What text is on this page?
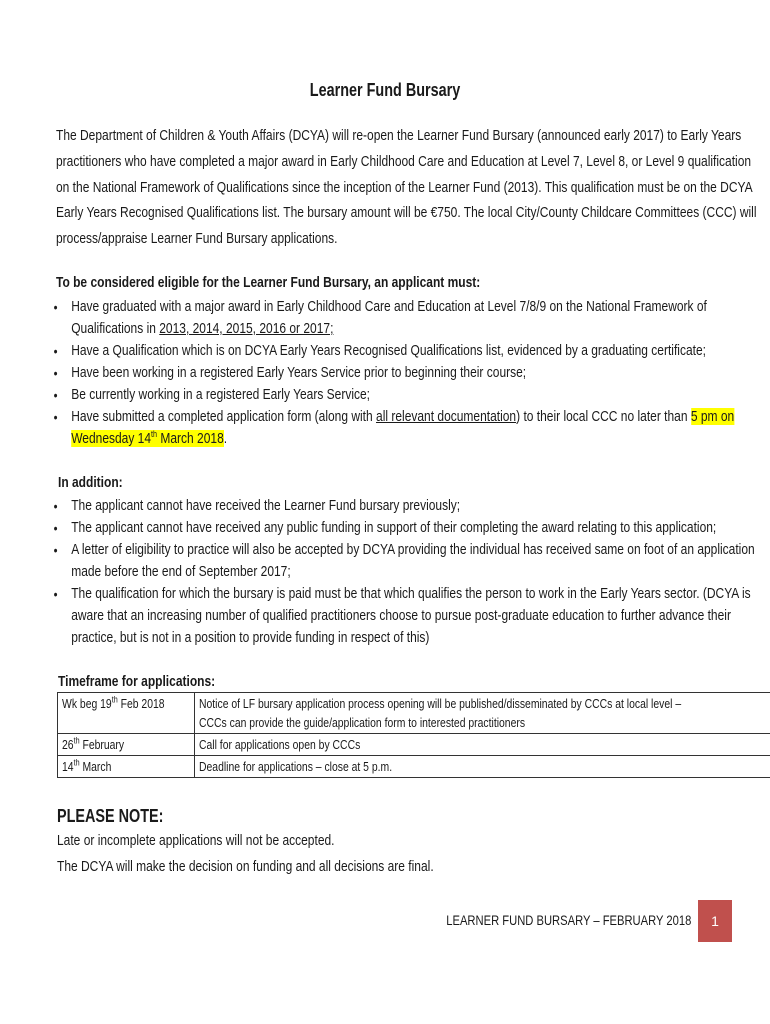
Learner Fund Bursary

The Department of Children & Youth Affairs (DCYA) will re-open the Learner Fund Bursary (announced early 2017) to Early Years

practitioners who have completed a major award in Early Childhood Care and Education at Level 7, Level 8, or Level 9 qualification

on the National Framework of Qualifications since the inception of the Learner Fund (2013). This qualification must be on the DCYA

Early Years Recognised Qualifications list. The bursary amount will be €750. The local City/County Childcare Committees (CCC) will

process/appraise Learner Fund Bursary applications.

To be considered eligible for the Learner Fund Bursary, an applicant must:
• Have graduated with a major award in Early Childhood Care and Education at Level 7/8/9 on the National Framework of
Qualifications in 2013, 2014, 2015, 2016 or 2017;
• Have a Qualification which is on DCYA Early Years Recognised Qualifications list, evidenced by a graduating certificate;
• Have been working in a registered Early Years Service prior to beginning their course;
• Be currently working in a registered Early Years Service;
• Have submitted a completed application form (along with all relevant documentation) to their local CCC no later than 5 pm on
Wednesday 14th March 2018.
In addition:
• The applicant cannot have received the Learner Fund bursary previously;
• The applicant cannot have received any public funding in support of their completing the award relating to this application;
• A letter of eligibility to practice will also be accepted by DCYA providing the individual has received same on foot of an application
made before the end of September 2017;
• The qualification for which the bursary is paid must be that which qualifies the person to work in the Early Years sector. (DCYA is
aware that an increasing number of qualified practitioners choose to pursue post-graduate education to further advance their
practice, but is not in a position to provide funding in respect of this)
Timeframe for applications:
Wk beg 19th Feb 2018	Notice of LF bursary application process opening will be published/disseminated by CCCs at local level –
CCCs can provide the guide/application form to interested practitioners

26th February	Call for applications open by CCCs

14th March	Deadline for applications – close at 5 p.m.
PLEASE NOTE:
Late or incomplete applications will not be accepted.
The DCYA will make the decision on funding and all decisions are final.
LEARNER FUND BURSARY – FEBRUARY 2018	1
